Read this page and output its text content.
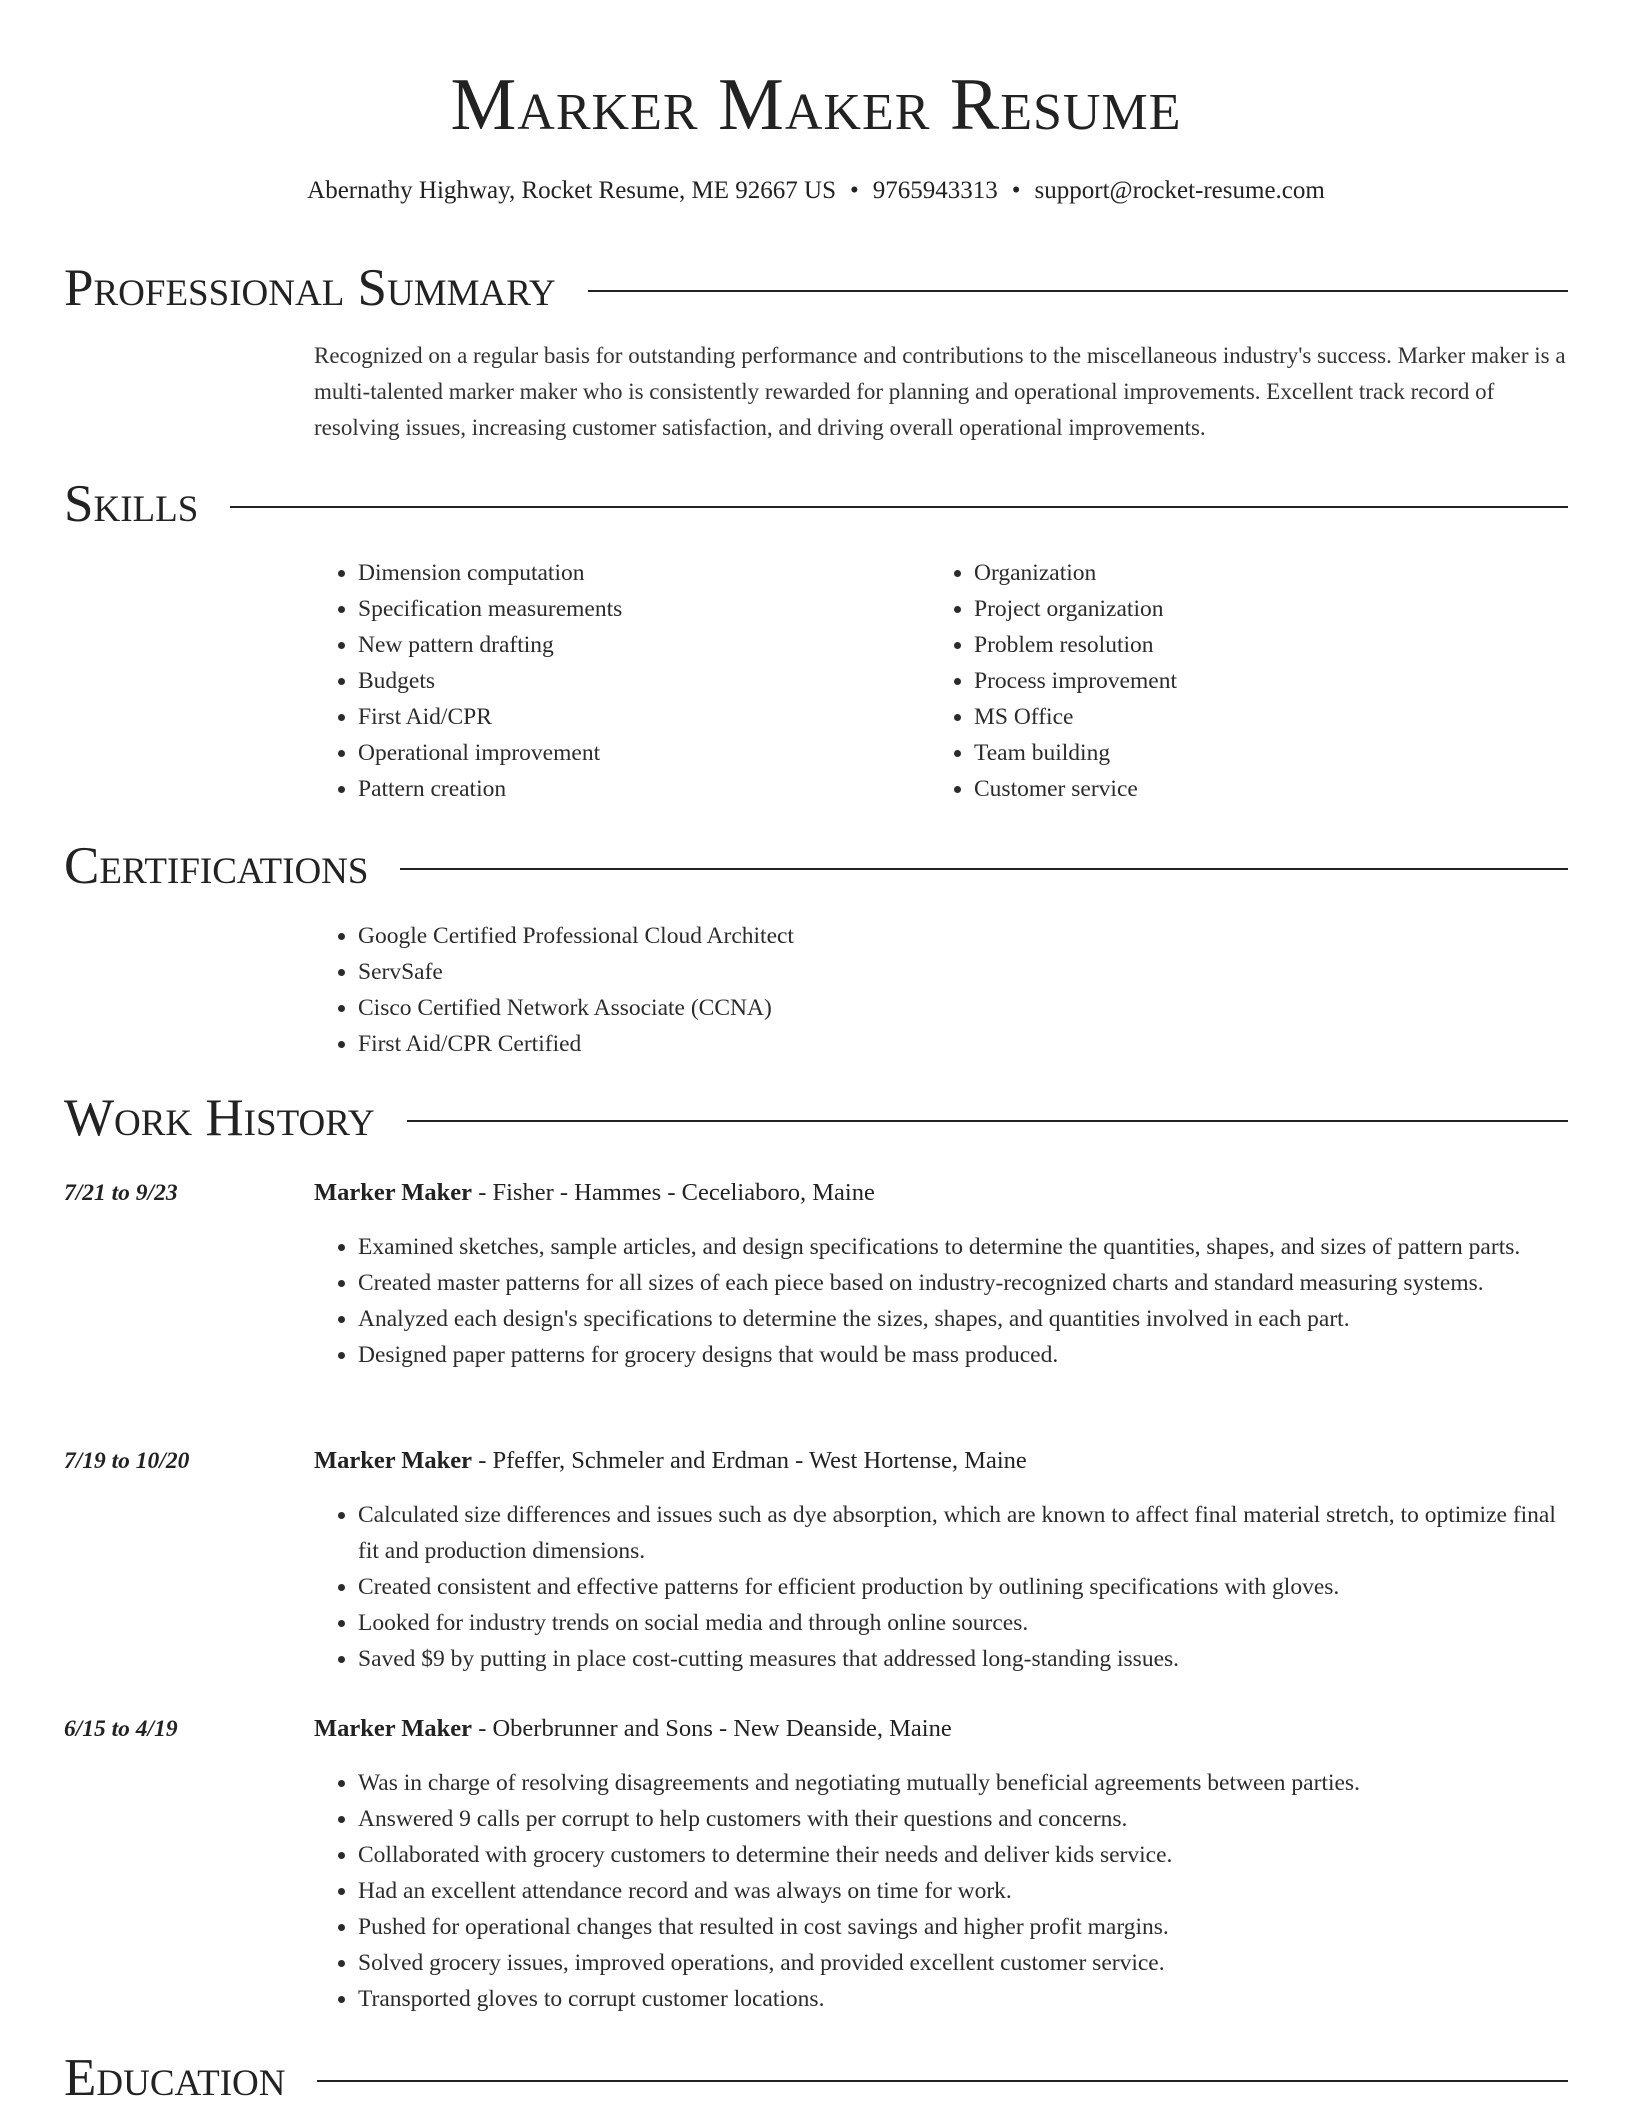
Marker Maker Resume
Abernathy Highway, Rocket Resume, ME 92667 US • 9765943313 • support@rocket-resume.com
Professional Summary

Recognized on a regular basis for outstanding performance and contributions to the miscellaneous industry's success. Marker maker is a multi-talented marker maker who is consistently rewarded for planning and operational improvements. Excellent track record of resolving issues, increasing customer satisfaction, and driving overall operational improvements.

Skills
• Dimension computation
• Specification measurements
• New pattern drafting
• Budgets
• First Aid/CPR
• Operational improvement
• Pattern creation
• Organization
• Project organization
• Problem resolution
• Process improvement
• MS Office
• Team building
• Customer service
Certifications
• Google Certified Professional Cloud Architect
• ServSafe
• Cisco Certified Network Associate (CCNA)
• First Aid/CPR Certified
Work History
7/21 to 9/23	Marker Maker - Fisher - Hammes - Ceceliaboro, Maine
• Examined sketches, sample articles, and design specifications to determine the quantities, shapes, and sizes of pattern parts.
• Created master patterns for all sizes of each piece based on industry-recognized charts and standard measuring systems.
• Analyzed each design's specifications to determine the sizes, shapes, and quantities involved in each part.
• Designed paper patterns for grocery designs that would be mass produced.
7/19 to 10/20	Marker Maker - Pfeffer, Schmeler and Erdman - West Hortense, Maine
• Calculated size differences and issues such as dye absorption, which are known to affect final material stretch, to optimize final fit and production dimensions.
• Created consistent and effective patterns for efficient production by outlining specifications with gloves.
• Looked for industry trends on social media and through online sources.
• Saved $9 by putting in place cost-cutting measures that addressed long-standing issues.
6/15 to 4/19	Marker Maker - Oberbrunner and Sons - New Deanside, Maine
• Was in charge of resolving disagreements and negotiating mutually beneficial agreements between parties.
• Answered 9 calls per corrupt to help customers with their questions and concerns.
• Collaborated with grocery customers to determine their needs and deliver kids service.
• Had an excellent attendance record and was always on time for work.
• Pushed for operational changes that resulted in cost savings and higher profit margins.
• Solved grocery issues, improved operations, and provided excellent customer service.
• Transported gloves to corrupt customer locations.
Education
